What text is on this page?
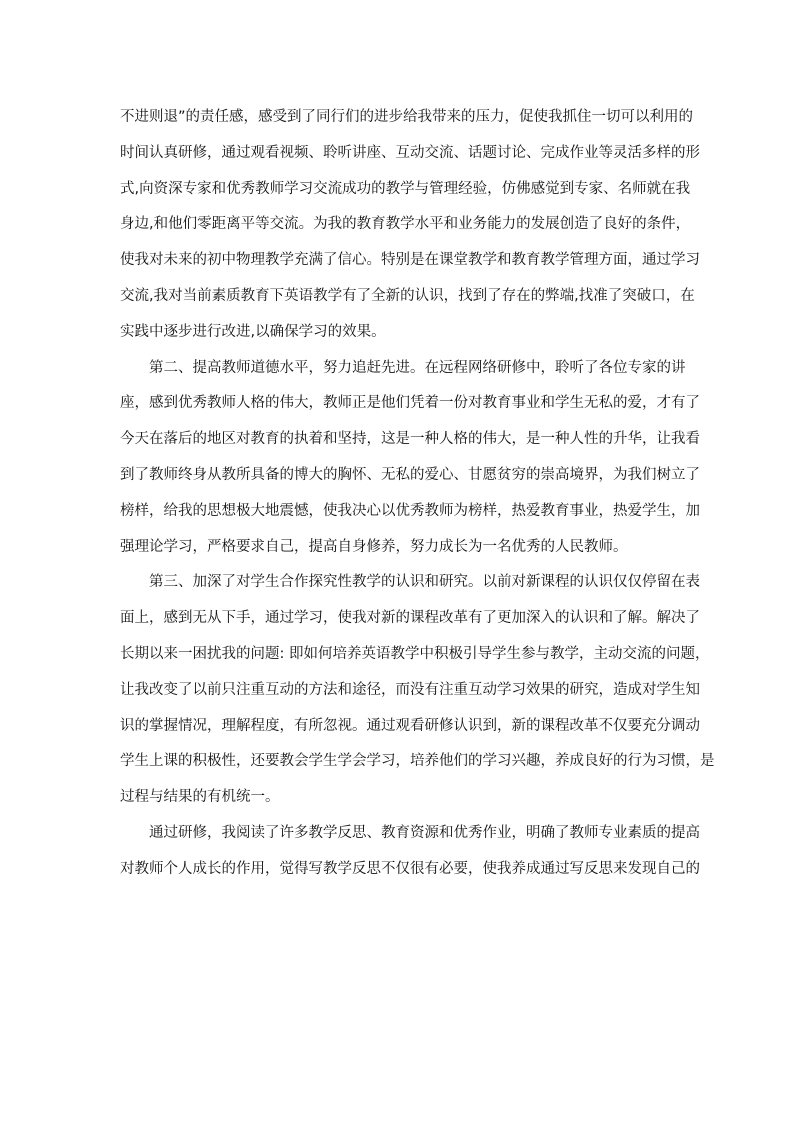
不进则退”的责任感，感受到了同行们的进步给我带来的压力，促使我抓住一切可以利用的
时间认真研修，通过观看视频、聆听讲座、互动交流、话题讨论、完成作业等灵活多样的形
式,向资深专家和优秀教师学习交流成功的教学与管理经验，仿佛感觉到专家、名师就在我
身边,和他们零距离平等交流。为我的教育教学水平和业务能力的发展创造了良好的条件，
使我对未来的初中物理教学充满了信心。特别是在课堂教学和教育教学管理方面，通过学习
交流,我对当前素质教育下英语教学有了全新的认识，找到了存在的弊端,找准了突破口，在
实践中逐步进行改进,以确保学习的效果。
第二、提高教师道德水平，努力追赶先进。在远程网络研修中，聆听了各位专家的讲
座，感到优秀教师人格的伟大，教师正是他们凭着一份对教育事业和学生无私的爱，才有了
今天在落后的地区对教育的执着和坚持，这是一种人格的伟大，是一种人性的升华，让我看
到了教师终身从教所具备的博大的胸怀、无私的爱心、甘愿贫穷的崇高境界，为我们树立了
榜样，给我的思想极大地震憾，使我决心以优秀教师为榜样，热爱教育事业，热爱学生，加
强理论学习，严格要求自己，提高自身修养，努力成长为一名优秀的人民教师。
第三、加深了对学生合作探究性教学的认识和研究。以前对新课程的认识仅仅停留在表
面上，感到无从下手，通过学习，使我对新的课程改革有了更加深入的认识和了解。解决了
长期以来一困扰我的问题: 即如何培养英语教学中积极引导学生参与教学，主动交流的问题，
让我改变了以前只注重互动的方法和途径，而没有注重互动学习效果的研究，造成对学生知
识的掌握情况，理解程度，有所忽视。通过观看研修认识到，新的课程改革不仅要充分调动
学生上课的积极性，还要教会学生学会学习，培养他们的学习兴趣，养成良好的行为习惯，是
过程与结果的有机统一。
通过研修，我阅读了许多教学反思、教育资源和优秀作业，明确了教师专业素质的提高
对教师个人成长的作用，觉得写教学反思不仅很有必要，使我养成通过写反思来发现自己的
